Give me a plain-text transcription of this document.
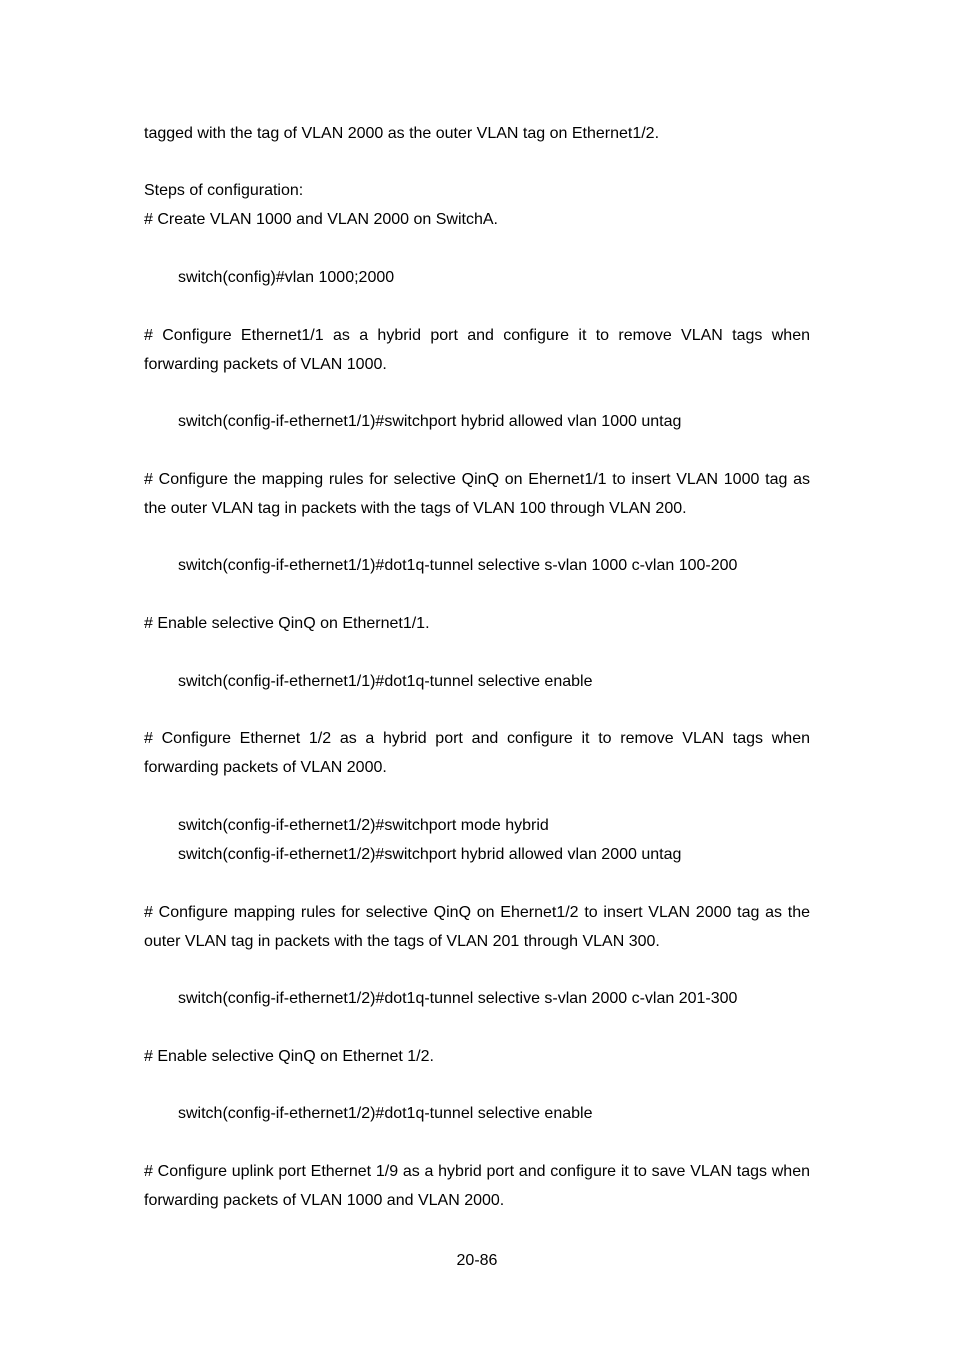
tagged with the tag of VLAN 2000 as the outer VLAN tag on Ethernet1/2.
Steps of configuration:
# Create VLAN 1000 and VLAN 2000 on SwitchA.
switch(config)#vlan 1000;2000
# Configure Ethernet1/1 as a hybrid port and configure it to remove VLAN tags when
forwarding packets of VLAN 1000.
switch(config-if-ethernet1/1)#switchport hybrid allowed vlan 1000 untag
# Configure the mapping rules for selective QinQ on Ehernet1/1 to insert VLAN 1000 tag as
the outer VLAN tag in packets with the tags of VLAN 100 through VLAN 200.
switch(config-if-ethernet1/1)#dot1q-tunnel selective s-vlan 1000 c-vlan 100-200
# Enable selective QinQ on Ethernet1/1.
switch(config-if-ethernet1/1)#dot1q-tunnel selective enable
# Configure Ethernet 1/2 as a hybrid port and configure it to remove VLAN tags when
forwarding packets of VLAN 2000.
switch(config-if-ethernet1/2)#switchport mode hybrid
switch(config-if-ethernet1/2)#switchport hybrid allowed vlan 2000 untag
# Configure mapping rules for selective QinQ on Ehernet1/2 to insert VLAN 2000 tag as the
outer VLAN tag in packets with the tags of VLAN 201 through VLAN 300.
switch(config-if-ethernet1/2)#dot1q-tunnel selective s-vlan 2000 c-vlan 201-300
# Enable selective QinQ on Ethernet 1/2.
switch(config-if-ethernet1/2)#dot1q-tunnel selective enable
# Configure uplink port Ethernet 1/9 as a hybrid port and configure it to save VLAN tags when
forwarding packets of VLAN 1000 and VLAN 2000.
20-86
